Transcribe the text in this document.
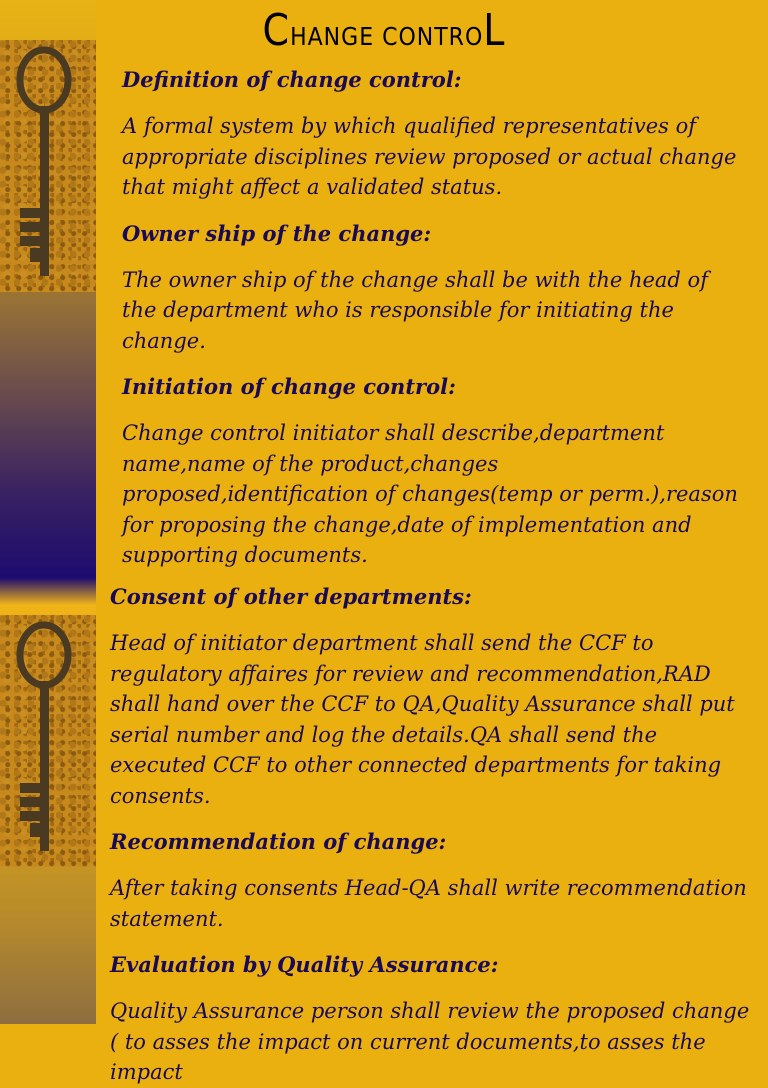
CHANGE CONTROL
Definition of change control:

A formal system by which qualified representatives of appropriate disciplines review proposed or actual change that might affect a validated status.

Owner ship of the change:

The owner ship of the change shall be with the head of the department who is responsible for initiating the change.

Initiation of change control:

Change control initiator shall describe,department name,name of the product,changes proposed,identification of changes(temp or perm.),reason for proposing the change,date of implementation and supporting documents.

Consent of other departments:

Head of initiator department shall send the CCF to regulatory affaires for review and recommendation,RAD shall hand over the CCF to QA,Quality Assurance shall put serial number and log the details.QA shall send the executed CCF to other connected departments for taking consents.

Recommendation of change:

After taking consents Head-QA shall write recommendation statement.

Evaluation by Quality Assurance:

Quality Assurance person shall review the proposed change ( to asses the impact on current documents,to asses the impact
